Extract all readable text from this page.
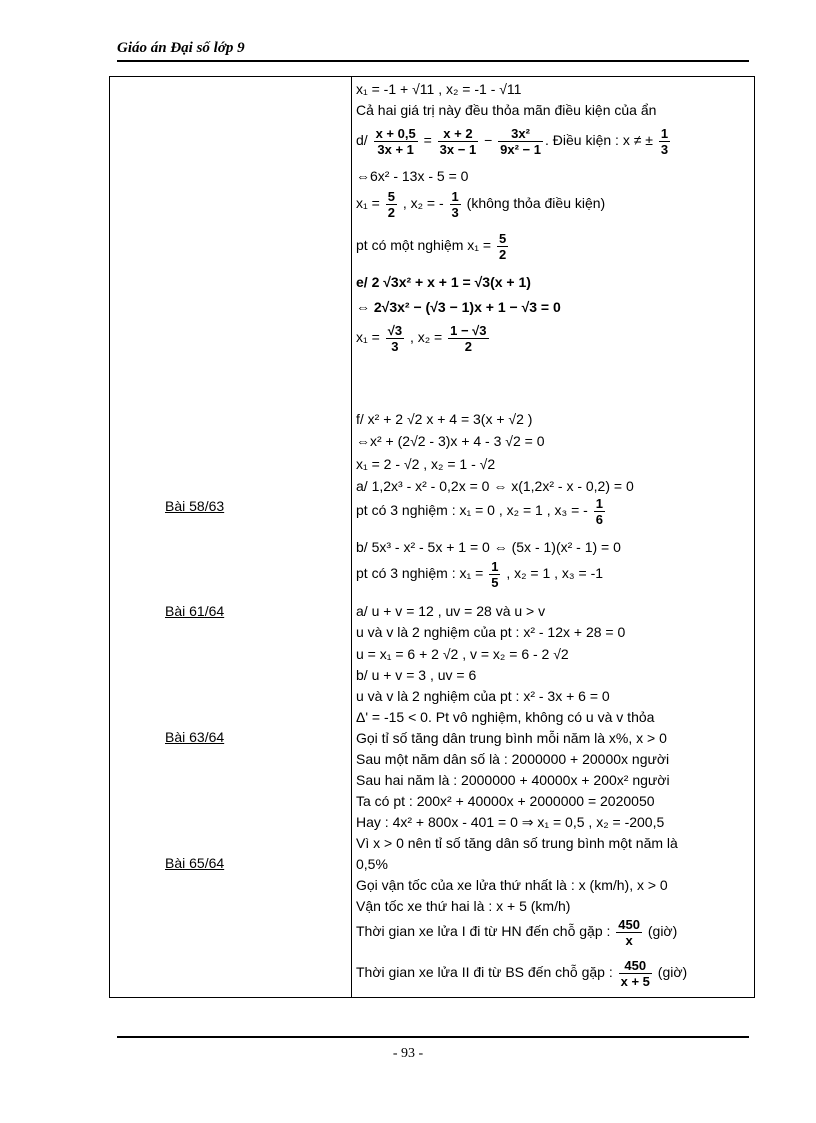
Giáo án Đại số lớp 9
Bài 58/63
Bài 61/64
Bài 63/64
Bài 65/64
x₁ = -1 + √11 , x₂ = -1 - √11
Cả hai giá trị này đều thỏa mãn điều kiện của ẩn
$d/ \frac{x + 0,5}{3x + 1} = \frac{x + 2}{3x - 1} - \frac{\text{3x²}}{\text{9x² − 1}}$ . Điều kiện : x ≠ ± $\frac{1}{3}$
⇔6x² - 13x - 5 = 0
$x_1 = \frac{5}{2}$ , x₂ = - $\frac{1}{3}$ (không thỏa điều kiện)
pt có một nghiệm $x_1 = \frac{5}{2}$
e/ 2 √3x² + x + 1 = √3(x + 1)
⇔ 2√3x² − (√3 − 1)x + 1 − √3 = 0
$x_1 = \frac{√3}{3}$ , $x_2 = \frac{1 - √3}{2}$
f/ x² + 2 √2 x + 4 = 3(x + √2 )
⇔x² + (2√2 - 3)x + 4 - 3 √2 = 0
x₁ = 2 - √2 , x₂ = 1 - √2
a/ 1,2x³ - x² - 0,2x = 0 ⇔ x(1,2x² - x - 0,2) = 0
pt có 3 nghiệm : x₁ = 0 , x₂ = 1 , x₃ = - $\frac{1}{6}$
b/ 5x³ - x² - 5x + 1 = 0 ⇔ (5x - 1)(x² - 1) = 0
pt có 3 nghiệm : $x_1 = \frac{1}{5}$ , x₂ = 1 , x₃ = -1
a/ u + v = 12 , uv = 28 và u > v
u và v là 2 nghiệm của pt : x² - 12x + 28 = 0
u = x₁ = 6 + 2 √2 , v = x₂ = 6 - 2 √2
b/ u + v = 3 , uv = 6
u và v là 2 nghiệm của pt : x² - 3x + 6 = 0
Δ' = -15 < 0. Pt vô nghiệm, không có u và v thỏa
Gọi tỉ số tăng dân trung bình mỗi năm là x%, x > 0
Sau một năm dân số là : 2000000 + 20000x người
Sau hai năm là : 2000000 + 40000x + 200x² người
Ta có pt : 200x² + 40000x + 2000000 = 2020050
Hay : 4x² + 800x - 401 = 0 ⇒ x₁ = 0,5 , x₂ = -200,5
Vì x > 0 nên tỉ số tăng dân số trung bình một năm là
0,5%
Gọi vận tốc của xe lửa thứ nhất là : x (km/h), x > 0
Vận tốc xe thứ hai là : x + 5 (km/h)
Thời gian xe lửa I đi từ HN đến chỗ gặp : $\frac{450}{x}$ (giờ)
Thời gian xe lửa II đi từ BS đến chỗ gặp : $\frac{450}{x + 5}$ (giờ)
- 93 -
